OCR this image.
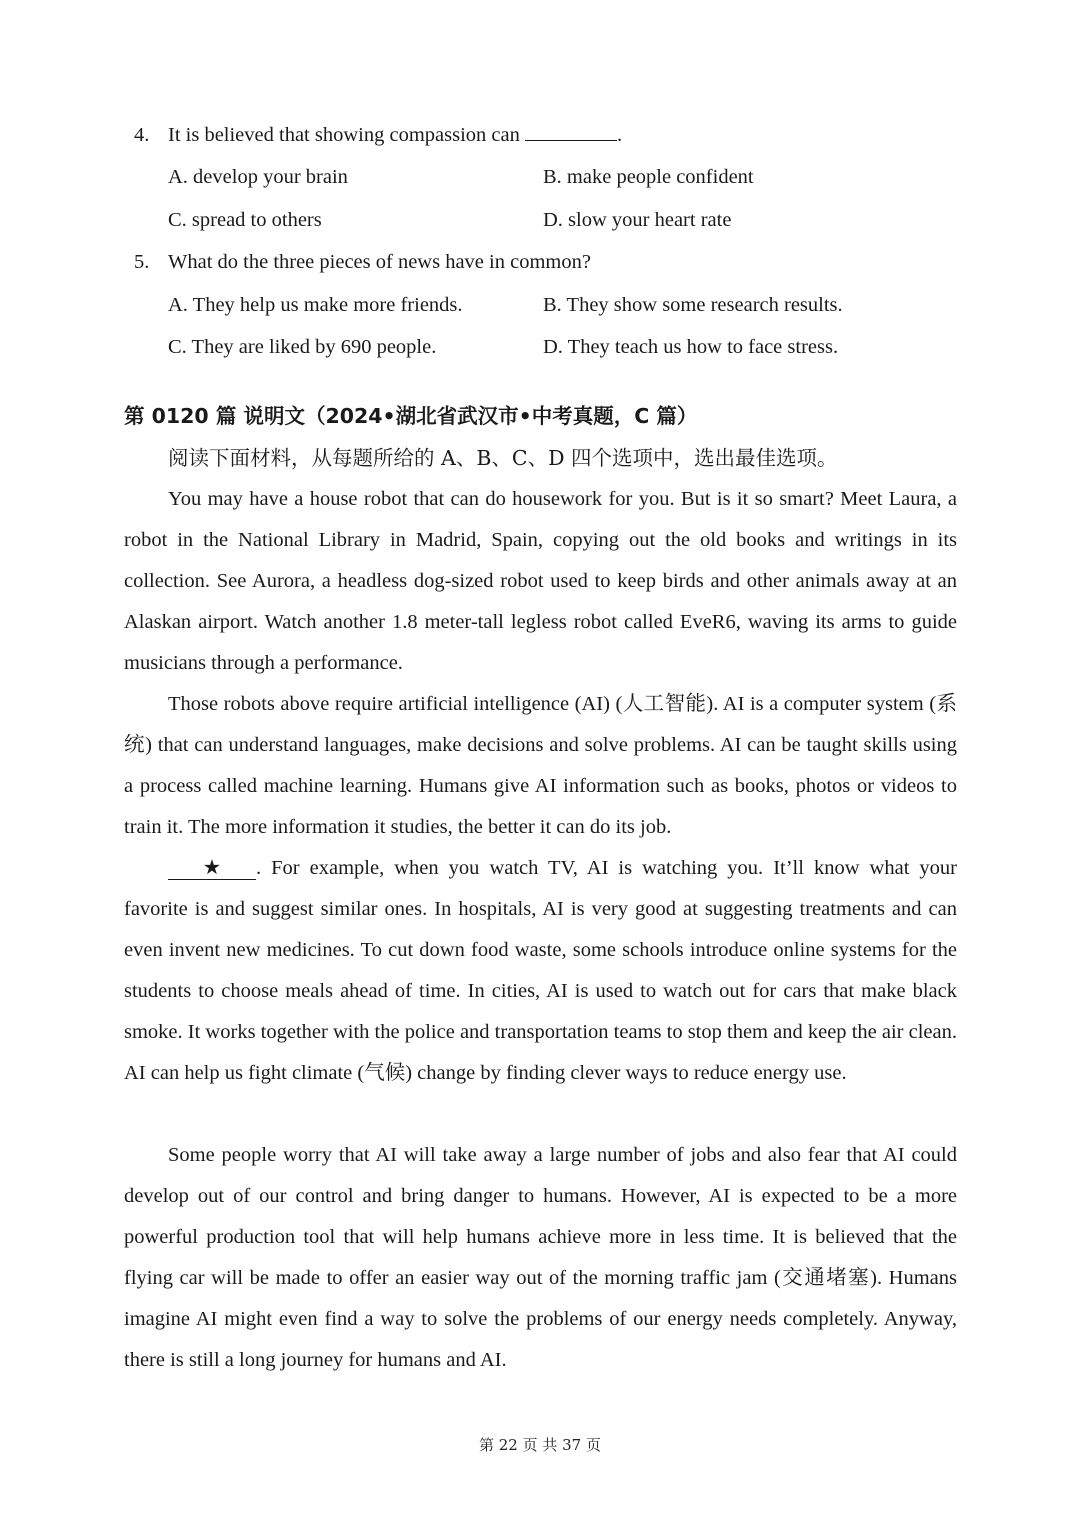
4. It is believed that showing compassion can	.
A. develop your brain	B. make people confident
C. spread to others	D. slow your heart rate
5. What do the three pieces of news have in common?
A. They help us make more friends.	B. They show some research results.
C. They are liked by 690 people.	D. They teach us how to face stress.
第 0120 篇 说明文（2024•湖北省武汉市•中考真题，C 篇）
阅读下面材料，从每题所给的 A、B、C、D 四个选项中，选出最佳选项。

You may have a house robot that can do housework for you. But is it so smart? Meet Laura, a robot in the National Library in Madrid, Spain, copying out the old books and writings in its collection. See Aurora, a headless dog-sized robot used to keep birds and other animals away at an Alaskan airport. Watch another 1.8 meter-tall legless robot called EveR6, waving its arms to guide musicians through a performance.

Those robots above require artificial intelligence (AI) (人工智能). AI is a computer system (系统) that can understand languages, make decisions and solve problems. AI can be taught skills using a process called machine learning. Humans give AI information such as books, photos or videos to train it. The more information it studies, the better it can do its job.

★ . For example, when you watch TV, AI is watching you. It’ll know what your favorite is and suggest similar ones. In hospitals, AI is very good at suggesting treatments and can even invent new medicines. To cut down food waste, some schools introduce online systems for the students to choose meals ahead of time. In cities, AI is used to watch out for cars that make black smoke. It works together with the police and transportation teams to stop them and keep the air clean. AI can help us fight climate (气候) change by finding clever ways to reduce energy use.

Some people worry that AI will take away a large number of jobs and also fear that AI could develop out of our control and bring danger to humans. However, AI is expected to be a more powerful production tool that will help humans achieve more in less time. It is believed that the flying car will be made to offer an easier way out of the morning traffic jam (交通堵塞). Humans imagine AI might even find a way to solve the problems of our energy needs completely. Anyway, there is still a long journey for humans and AI.

第 22 页 共 37 页
